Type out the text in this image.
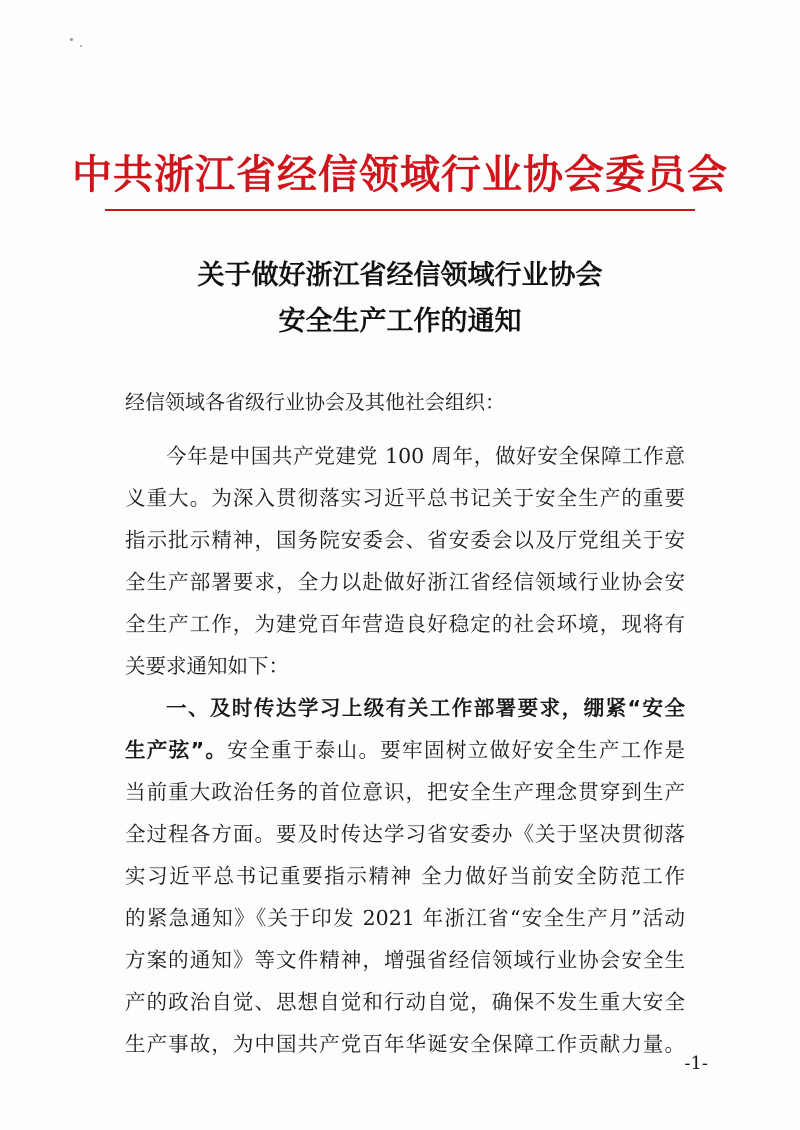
中共浙江省经信领域行业协会委员会
关于做好浙江省经信领域行业协会
安全生产工作的通知
经信领域各省级行业协会及其他社会组织：
今年是中国共产党建党 100 周年，做好安全保障工作意
义重大。为深入贯彻落实习近平总书记关于安全生产的重要
指示批示精神，国务院安委会、省安委会以及厅党组关于安
全生产部署要求，全力以赴做好浙江省经信领域行业协会安
全生产工作，为建党百年营造良好稳定的社会环境，现将有
关要求通知如下：
一、及时传达学习上级有关工作部署要求，绷紧“安全
生产弦”。安全重于泰山。要牢固树立做好安全生产工作是
当前重大政治任务的首位意识，把安全生产理念贯穿到生产
全过程各方面。要及时传达学习省安委办《关于坚决贯彻落
实习近平总书记重要指示精神 全力做好当前安全防范工作
的紧急通知》《关于印发 2021 年浙江省“安全生产月”活动
方案的通知》等文件精神，增强省经信领域行业协会安全生
产的政治自觉、思想自觉和行动自觉，确保不发生重大安全
生产事故，为中国共产党百年华诞安全保障工作贡献力量。
-1-
